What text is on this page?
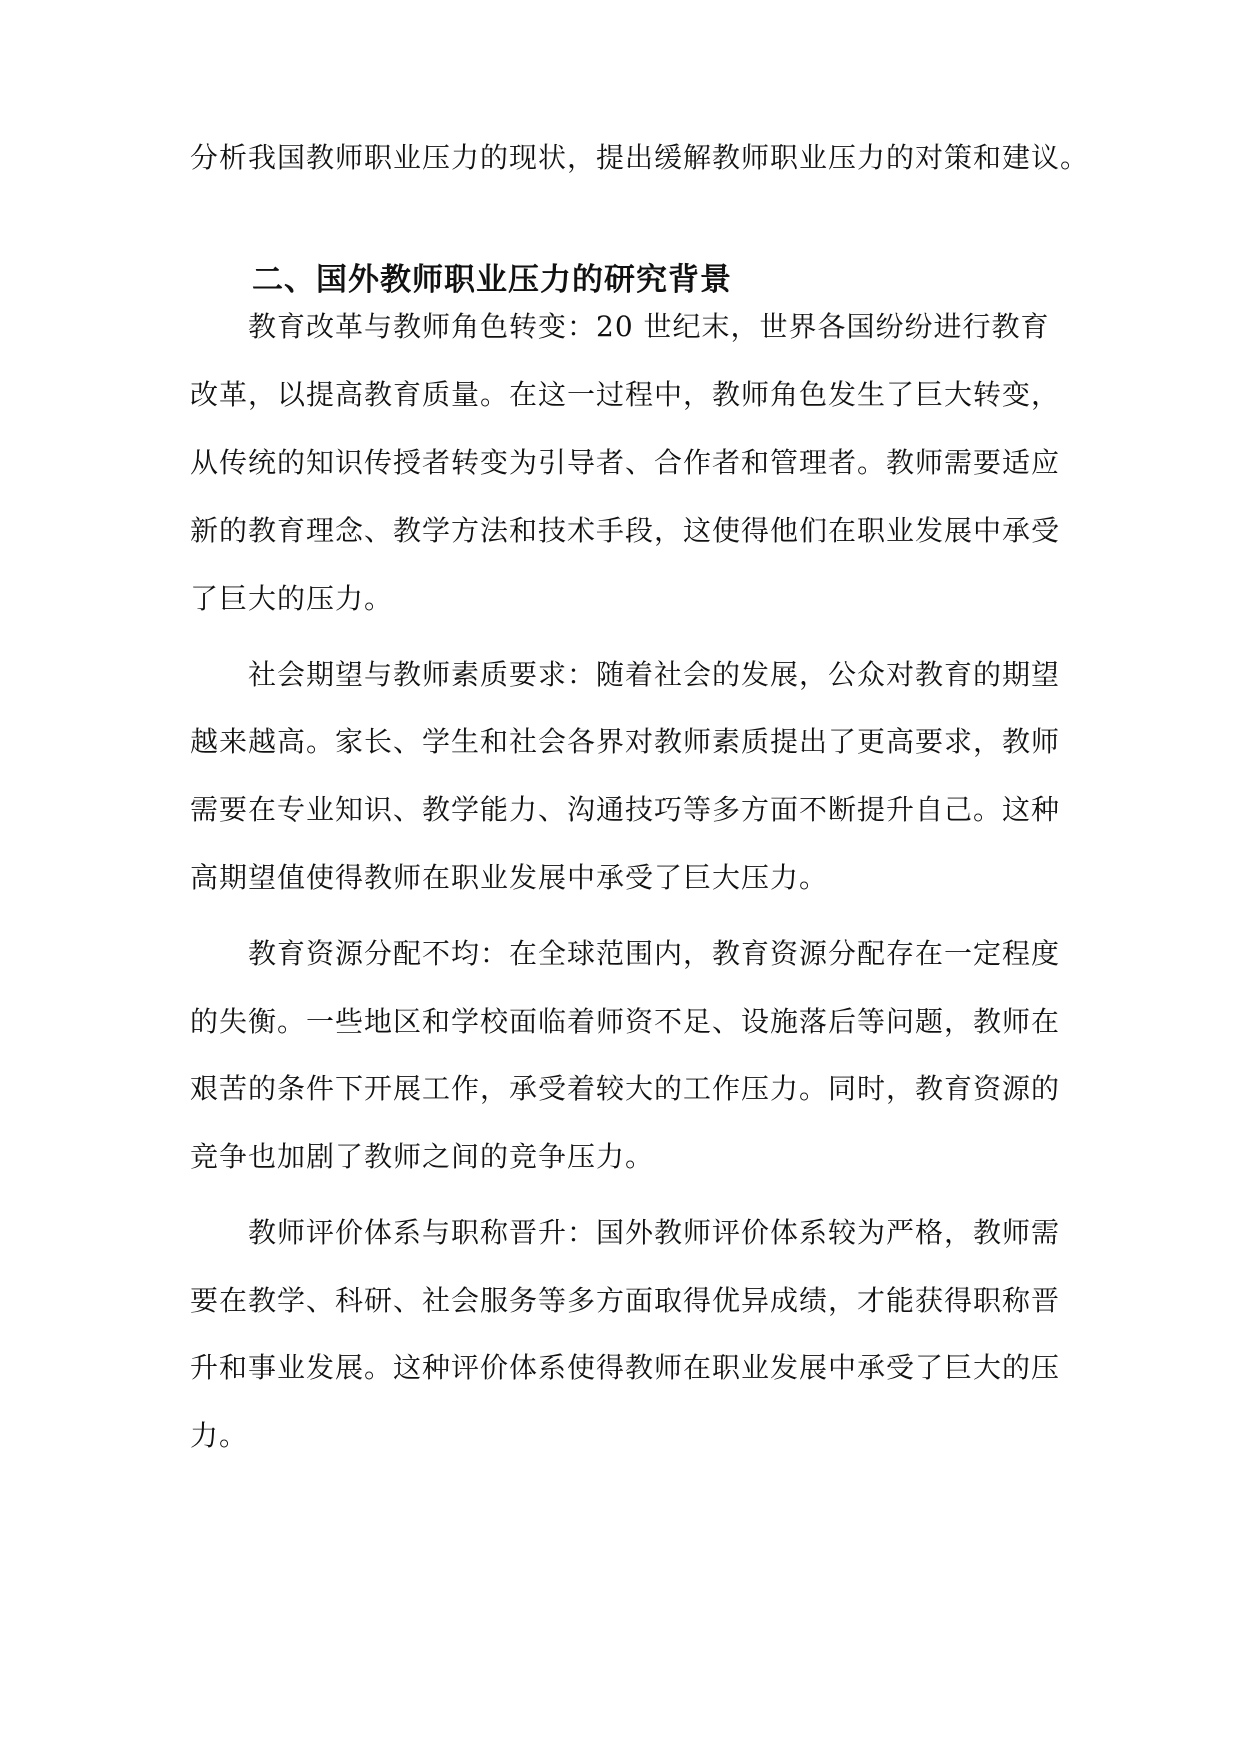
分析我国教师职业压力的现状，提出缓解教师职业压力的对策和建议。

二、国外教师职业压力的研究背景

教育改革与教师角色转变：20 世纪末，世界各国纷纷进行教育

改革，以提高教育质量。在这一过程中，教师角色发生了巨大转变，

从传统的知识传授者转变为引导者、合作者和管理者。教师需要适应

新的教育理念、教学方法和技术手段，这使得他们在职业发展中承受

了巨大的压力。

社会期望与教师素质要求：随着社会的发展，公众对教育的期望

越来越高。家长、学生和社会各界对教师素质提出了更高要求，教师

需要在专业知识、教学能力、沟通技巧等多方面不断提升自己。这种

高期望值使得教师在职业发展中承受了巨大压力。

教育资源分配不均：在全球范围内，教育资源分配存在一定程度

的失衡。一些地区和学校面临着师资不足、设施落后等问题，教师在

艰苦的条件下开展工作，承受着较大的工作压力。同时，教育资源的

竞争也加剧了教师之间的竞争压力。

教师评价体系与职称晋升：国外教师评价体系较为严格，教师需

要在教学、科研、社会服务等多方面取得优异成绩，才能获得职称晋

升和事业发展。这种评价体系使得教师在职业发展中承受了巨大的压

力。
